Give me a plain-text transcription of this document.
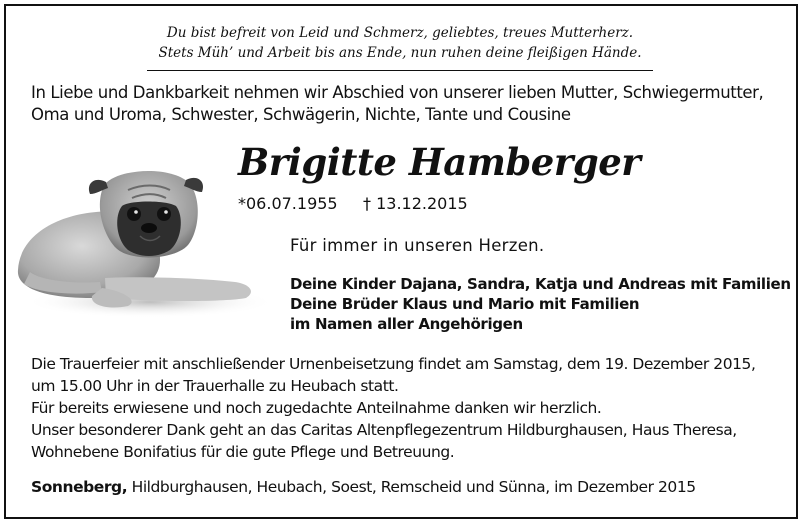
Du bist befreit von Leid und Schmerz, geliebtes, treues Mutterherz.
Stets Müh’ und Arbeit bis ans Ende, nun ruhen deine fleißigen Hände.
In Liebe und Dankbarkeit nehmen wir Abschied von unserer lieben Mutter, Schwiegermutter,
Oma und Uroma, Schwester, Schwägerin, Nichte, Tante und Cousine
Brigitte Hamberger
*06.07.1955 † 13.12.2015
Für immer in unseren Herzen.
Deine Kinder Dajana, Sandra, Katja und Andreas mit Familien
Deine Brüder Klaus und Mario mit Familien
im Namen aller Angehörigen
Die Trauerfeier mit anschließender Urnenbeisetzung findet am Samstag, dem 19. Dezember 2015,
um 15.00 Uhr in der Trauerhalle zu Heubach statt.
Für bereits erwiesene und noch zugedachte Anteilnahme danken wir herzlich.
Unser besonderer Dank geht an das Caritas Altenpflegezentrum Hildburghausen, Haus Theresa,
Wohnebene Bonifatius für die gute Pflege und Betreuung.
Sonneberg, Hildburghausen, Heubach, Soest, Remscheid und Sünna, im Dezember 2015
